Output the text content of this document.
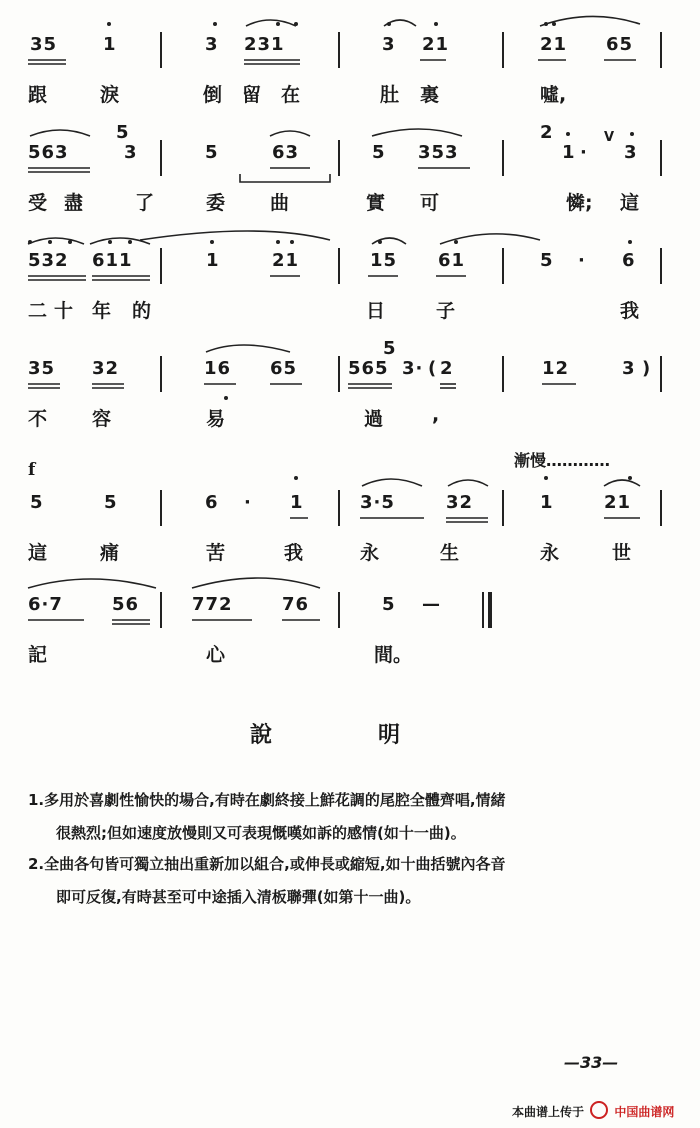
35	1	3 231	3 21	21 65
跟	淚	倒 留 在	肚 裏	噓,
563
5
3	5	63	5 353
2
1 ·
V
3
受 盡	了	委 曲	實 可	憐; 這
532 611	1	21	15 61	5 · 6
二 十 年 的	日	子	我
35 32	16 65	565
5
3· ( 2	12	3 )
不 容	易	過	,
f	漸慢…………
5	5	6 · 1	3·5	32	1	21
這	痛	苦	我	永	生	永	世
6·7	56	772	76	5 —
記	心	間。
說	明
1.多用於喜劇性愉快的場合,有時在劇終接上鮮花調的尾腔全體齊唱,情緒
很熱烈;但如速度放慢則又可表現慨嘆如訴的感情(如十一曲)。
2.全曲各句皆可獨立抽出重新加以組合,或伸長或縮短,如十曲括號內各音
即可反復,有時甚至可中途插入清板聯彈(如第十一曲)。
—33—
本曲谱上传于	中国曲谱网
